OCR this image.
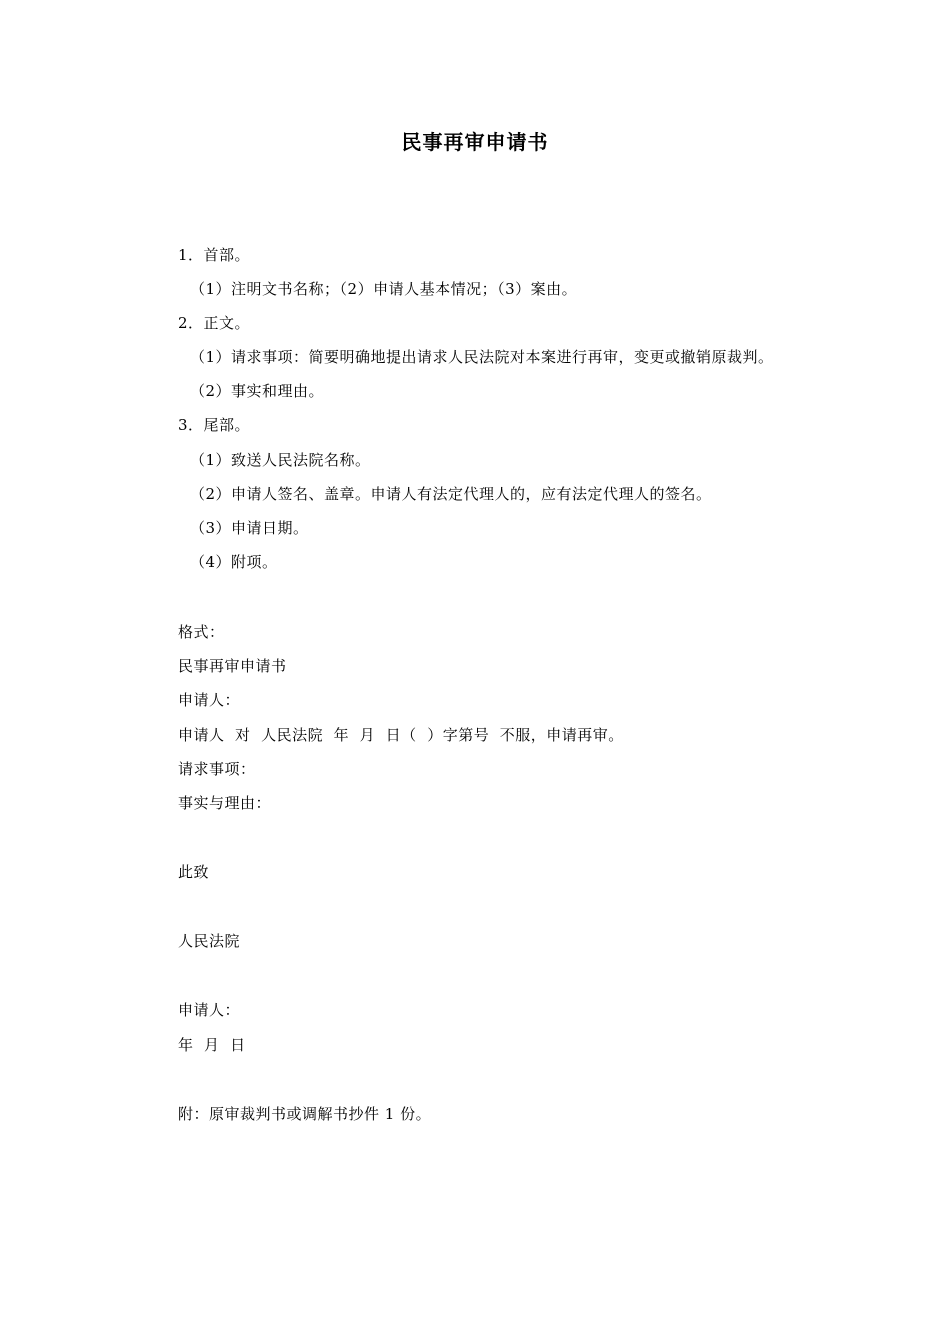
民事再审申请书
1．首部。
（1）注明文书名称；（2）申请人基本情况；（3）案由。
2．正文。
（1）请求事项：简要明确地提出请求人民法院对本案进行再审，变更或撤销原裁判。
（2）事实和理由。
3．尾部。
（1）致送人民法院名称。
（2）申请人签名、盖章。申请人有法定代理人的，应有法定代理人的签名。
（3）申请日期。
（4）附项。
格式：
民事再审申请书
申请人：
申请人  对  人民法院  年  月  日（  ）字第号  不服，申请再审。
请求事项：
事实与理由：
此致
人民法院
申请人：
年  月  日
附：原审裁判书或调解书抄件 1 份。
